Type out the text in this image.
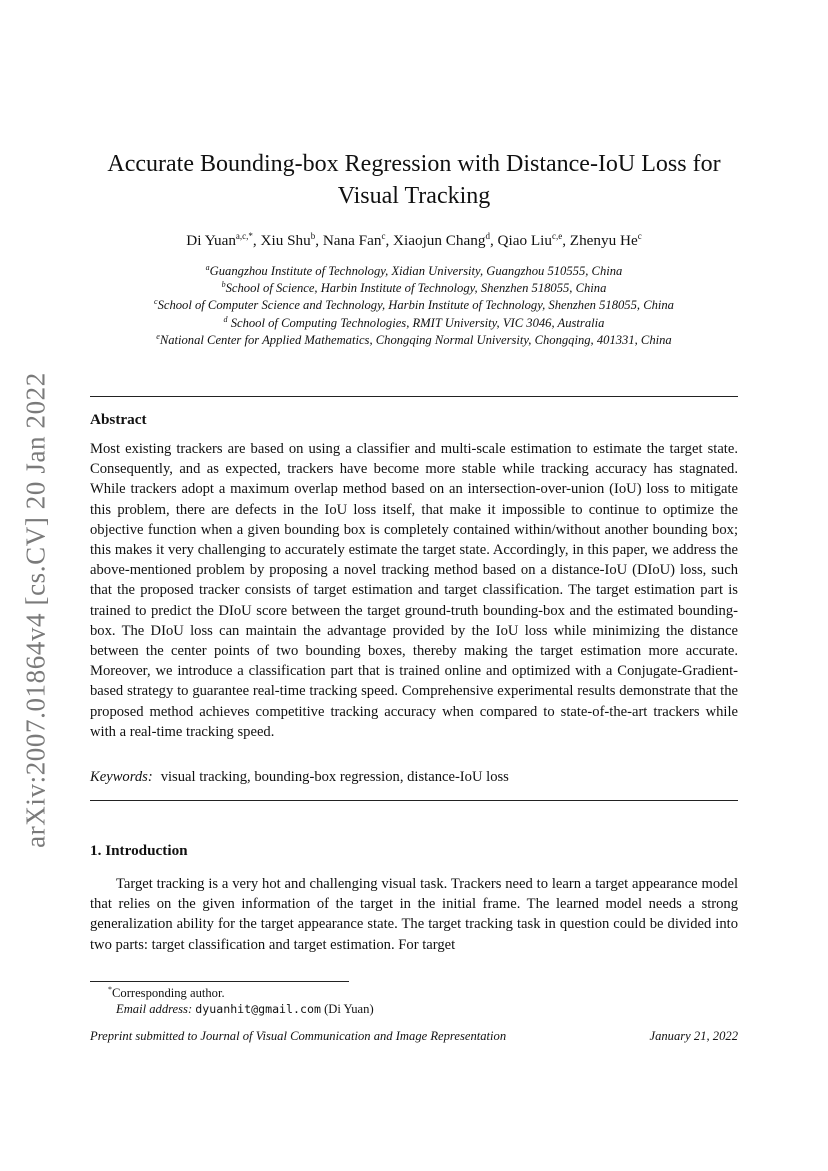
arXiv:2007.01864v4 [cs.CV] 20 Jan 2022
Accurate Bounding-box Regression with Distance-IoU Loss for
Visual Tracking
Di Yuan$^{a,c,*}$, Xiu Shu$^b$, Nana Fan$^c$, Xiaojun Chang$^d$, Qiao Liu$^{c,e}$, Zhenyu He$^c$
$^a$Guangzhou Institute of Technology, Xidian University, Guangzhou 510555, China
$^b$School of Science, Harbin Institute of Technology, Shenzhen 518055, China
$^c$School of Computer Science and Technology, Harbin Institute of Technology, Shenzhen 518055, China
$^d$ School of Computing Technologies, RMIT University, VIC 3046, Australia
$^e$National Center for Applied Mathematics, Chongqing Normal University, Chongqing, 401331, China
Abstract
Most existing trackers are based on using a classifier and multi-scale estimation to estimate the target state. Consequently, and as expected, trackers have become more stable while tracking accuracy has stagnated. While trackers adopt a maximum overlap method based on an intersection-over-union (IoU) loss to mitigate this problem, there are defects in the IoU loss itself, that make it impossible to continue to optimize the objective function when a given bounding box is completely contained within/without another bounding box; this makes it very challenging to accurately estimate the target state. Accordingly, in this paper, we address the above-mentioned problem by proposing a novel tracking method based on a distance-IoU (DIoU) loss, such that the proposed tracker consists of target estimation and target classification. The target estimation part is trained to predict the DIoU score between the target ground-truth bounding-box and the estimated bounding-box. The DIoU loss can maintain the advantage provided by the IoU loss while minimizing the distance between the center points of two bounding boxes, thereby making the target estimation more accurate. Moreover, we introduce a classification part that is trained online and optimized with a Conjugate-Gradient-based strategy to guarantee real-time tracking speed. Comprehensive experimental results demonstrate that the proposed method achieves competitive tracking accuracy when compared to state-of-the-art trackers while with a real-time tracking speed.
Keywords: visual tracking, bounding-box regression, distance-IoU loss
1. Introduction
Target tracking is a very hot and challenging visual task. Trackers need to learn a target appearance model that relies on the given information of the target in the initial frame. The learned model needs a strong generalization ability for the target appearance state. The target tracking task in question could be divided into two parts: target classification and target estimation. For target
*Corresponding author.
Email address: dyuanhit@gmail.com (Di Yuan)
Preprint submitted to Journal of Visual Communication and Image Representation	January 21, 2022
